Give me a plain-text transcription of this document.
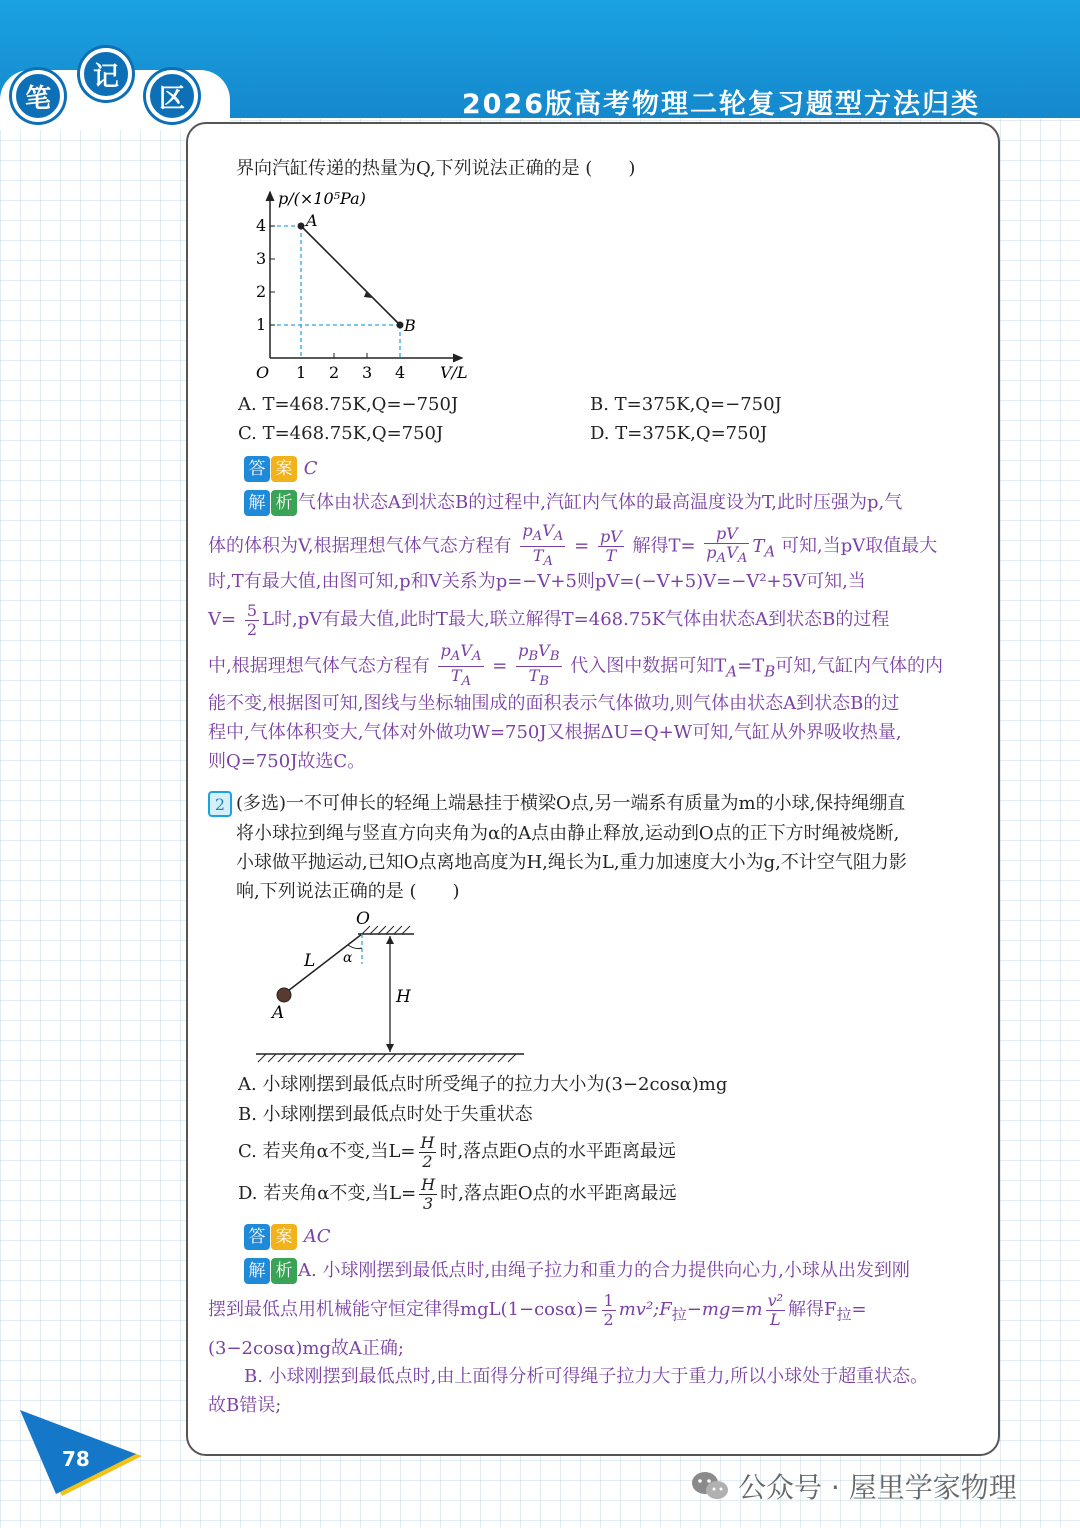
笔
记
区	2026版高考物理二轮复习题型方法归类
界向汽缸传递的热量为Q,下列说法正确的是 (　　)
4
3
2
1
1 2 3 4
O	V/L
p/(×10⁵Pa)
A
B
A. T=468.75K,Q=−750J	B. T=375K,Q=−750J
C. T=468.75K,Q=750J	D. T=375K,Q=750J
答 案 C
解 析 气体由状态A到状态B的过程中,汽缸内气体的最高温度设为T,此时压强为p,气
体的体积为V,根据理想气体气态方程有 $\frac{p_AV_A}{T_A} = \frac{pV}{T}$ 解得$T= \frac{pV}{p_AV_A} T_A$ 可知,当pV取值最大
时,T有最大值,由图可知,p和V关系为p=−V+5则pV=(−V+5)V=−V²+5V可知,当
$V= \frac{5}{2}$ L时,pV有最大值,此时T最大,联立解得T=468.75K气体由状态A到状态B的过程
中,根据理想气体气态方程有 $\frac{p_AV_A}{T_A} = \frac{p_BV_B}{T_B}$ 代入图中数据可知$T_A=T_B$可知,气缸内气体的内
能不变,根据图可知,图线与坐标轴围成的面积表示气体做功,则气体由状态A到状态B的过
程中,气体体积变大,气体对外做功W=750J又根据ΔU=Q+W可知,气缸从外界吸收热量,
则Q=750J故选C。
2 (多选)一不可伸长的轻绳上端悬挂于横梁O点,另一端系有质量为m的小球,保持绳绷直
将小球拉到绳与竖直方向夹角为α的A点由静止释放,运动到O点的正下方时绳被烧断,
小球做平抛运动,已知O点离地高度为H,绳长为L,重力加速度大小为g,不计空气阻力影
响,下列说法正确的是 (　　)
O
L α
A
H
A. 小球刚摆到最低点时所受绳子的拉力大小为(3−2cosα)mg
B. 小球刚摆到最低点时处于失重状态
C. 若夹角α不变,当$L= \frac{H}{2}$ 时,落点距O点的水平距离最远
D. 若夹角α不变,当$L= \frac{H}{3}$ 时,落点距O点的水平距离最远
答 案 AC
解 析 A. 小球刚摆到最低点时,由绳子拉力和重力的合力提供向心力,小球从出发到刚
摆到最低点用机械能守恒定律得$mgL(1-\cos\alpha)= \frac{1}{2}$ $mv^2;F_拉-mg=m \frac{\text{v²}}{L}$ 解得$F_拉=$
(3−2cosα)mg故A正确;
B. 小球刚摆到最低点时,由上面得分析可得绳子拉力大于重力,所以小球处于超重状态。
故B错误;
78
公众号 · 屋里学家物理
